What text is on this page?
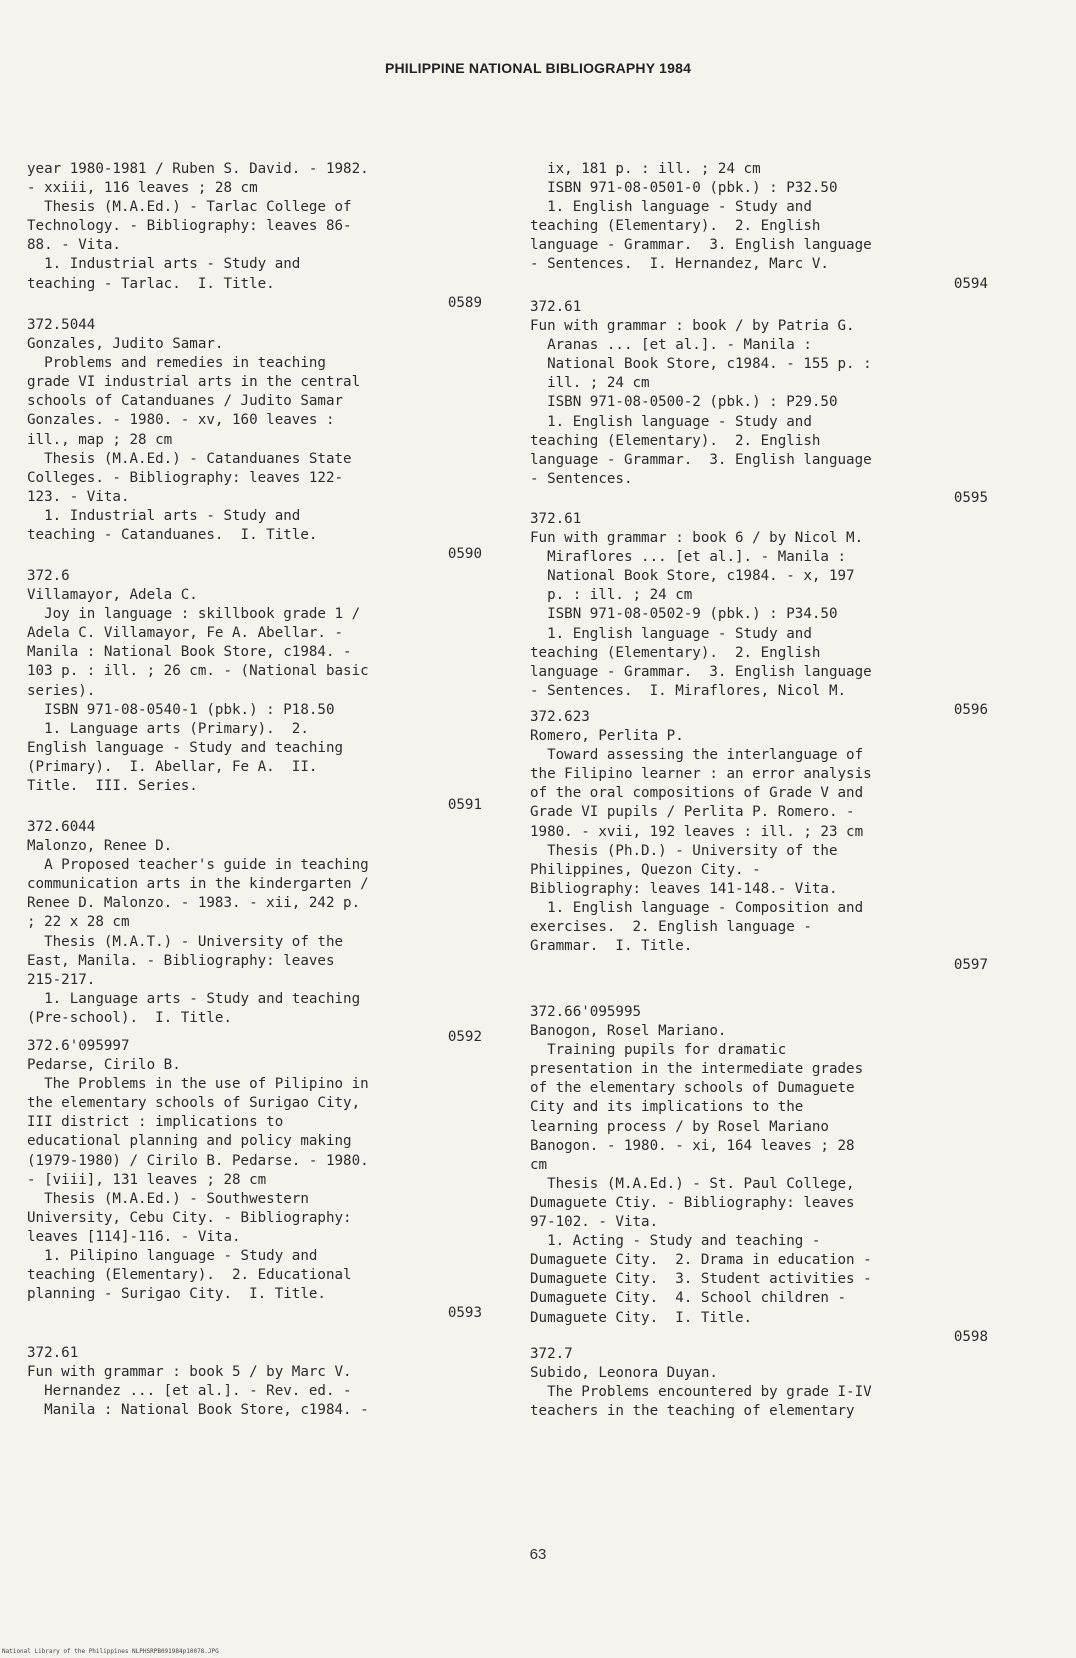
PHILIPPINE NATIONAL BIBLIOGRAPHY 1984
year 1980-1981 / Ruben S. David. - 1982.
- xxiii, 116 leaves ; 28 cm
Thesis (M.A.Ed.) - Tarlac College of
Technology. - Bibliography: leaves 86-
88. - Vita.
1. Industrial arts - Study and
teaching - Tarlac.  I. Title.
0589
372.5044
Gonzales, Judito Samar.
Problems and remedies in teaching
grade VI industrial arts in the central
schools of Catanduanes / Judito Samar
Gonzales. - 1980. - xv, 160 leaves :
ill., map ; 28 cm
Thesis (M.A.Ed.) - Catanduanes State
Colleges. - Bibliography: leaves 122-
123. - Vita.
1. Industrial arts - Study and
teaching - Catanduanes.  I. Title.
0590
372.6
Villamayor, Adela C.
Joy in language : skillbook grade 1 /
Adela C. Villamayor, Fe A. Abellar. -
Manila : National Book Store, c1984. -
103 p. : ill. ; 26 cm. - (National basic
series).
ISBN 971-08-0540-1 (pbk.) : P18.50
1. Language arts (Primary).  2.
English language - Study and teaching
(Primary).  I. Abellar, Fe A.  II.
Title.  III. Series.
0591
372.6044
Malonzo, Renee D.
A Proposed teacher's guide in teaching
communication arts in the kindergarten /
Renee D. Malonzo. - 1983. - xii, 242 p.
; 22 x 28 cm
Thesis (M.A.T.) - University of the
East, Manila. - Bibliography: leaves
215-217.
1. Language arts - Study and teaching
(Pre-school).  I. Title.
0592
372.6'095997
Pedarse, Cirilo B.
The Problems in the use of Pilipino in
the elementary schools of Surigao City,
III district : implications to
educational planning and policy making
(1979-1980) / Cirilo B. Pedarse. - 1980.
- [viii], 131 leaves ; 28 cm
Thesis (M.A.Ed.) - Southwestern
University, Cebu City. - Bibliography:
leaves [114]-116. - Vita.
1. Pilipino language - Study and
teaching (Elementary).  2. Educational
planning - Surigao City.  I. Title.
0593
372.61
Fun with grammar : book 5 / by Marc V.
Hernandez ... [et al.]. - Rev. ed. -
Manila : National Book Store, c1984. -
ix, 181 p. : ill. ; 24 cm
ISBN 971-08-0501-0 (pbk.) : P32.50
1. English language - Study and
teaching (Elementary).  2. English
language - Grammar.  3. English language
- Sentences.  I. Hernandez, Marc V.
0594
372.61
Fun with grammar : book / by Patria G.
Aranas ... [et al.]. - Manila :
National Book Store, c1984. - 155 p. :
ill. ; 24 cm
ISBN 971-08-0500-2 (pbk.) : P29.50
1. English language - Study and
teaching (Elementary).  2. English
language - Grammar.  3. English language
- Sentences.
0595
372.61
Fun with grammar : book 6 / by Nicol M.
Miraflores ... [et al.]. - Manila :
National Book Store, c1984. - x, 197
p. : ill. ; 24 cm
ISBN 971-08-0502-9 (pbk.) : P34.50
1. English language - Study and
teaching (Elementary).  2. English
language - Grammar.  3. English language
- Sentences.  I. Miraflores, Nicol M.
0596
372.623
Romero, Perlita P.
Toward assessing the interlanguage of
the Filipino learner : an error analysis
of the oral compositions of Grade V and
Grade VI pupils / Perlita P. Romero. -
1980. - xvii, 192 leaves : ill. ; 23 cm
Thesis (Ph.D.) - University of the
Philippines, Quezon City. -
Bibliography: leaves 141-148.- Vita.
1. English language - Composition and
exercises.  2. English language -
Grammar.  I. Title.
0597
372.66'095995
Banogon, Rosel Mariano.
Training pupils for dramatic
presentation in the intermediate grades
of the elementary schools of Dumaguete
City and its implications to the
learning process / by Rosel Mariano
Banogon. - 1980. - xi, 164 leaves ; 28
cm
Thesis (M.A.Ed.) - St. Paul College,
Dumaguete Ctiy. - Bibliography: leaves
97-102. - Vita.
1. Acting - Study and teaching -
Dumaguete City.  2. Drama in education -
Dumaguete City.  3. Student activities -
Dumaguete City.  4. School children -
Dumaguete City.  I. Title.
0598
372.7
Subido, Leonora Duyan.
The Problems encountered by grade I-IV
teachers in the teaching of elementary
63
National Library of the Philippines NLPHSRPB091984p10078.JPG
